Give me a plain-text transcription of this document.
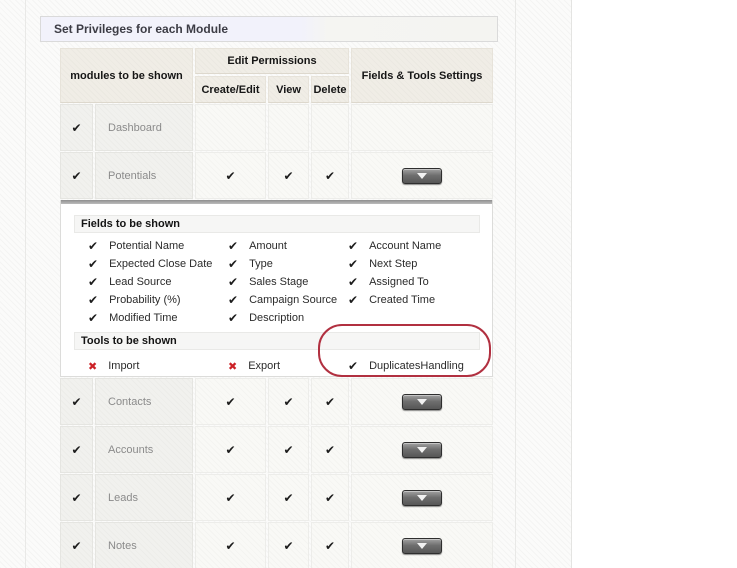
Set Privileges for each Module
modules to be shown
Edit Permissions
Fields & Tools Settings
Create/Edit	View	Delete
✔	Dashboard
✔	Potentials	✔	✔	✔
Fields to be shown
✔ Potential Name	✔ Amount	✔ Account Name
✔ Expected Close Date ✔ Type	✔ Next Step
✔ Lead Source	✔ Sales Stage	✔ Assigned To
✔ Probability (%)	✔ Campaign Source ✔ Created Time
✔ Modified Time	✔ Description
Tools to be shown
✖ Import	✖ Export	✔ DuplicatesHandling
✔	Contacts	✔	✔	✔
✔	Accounts	✔	✔	✔
✔	Leads	✔	✔	✔
✔	Notes	✔	✔	✔
